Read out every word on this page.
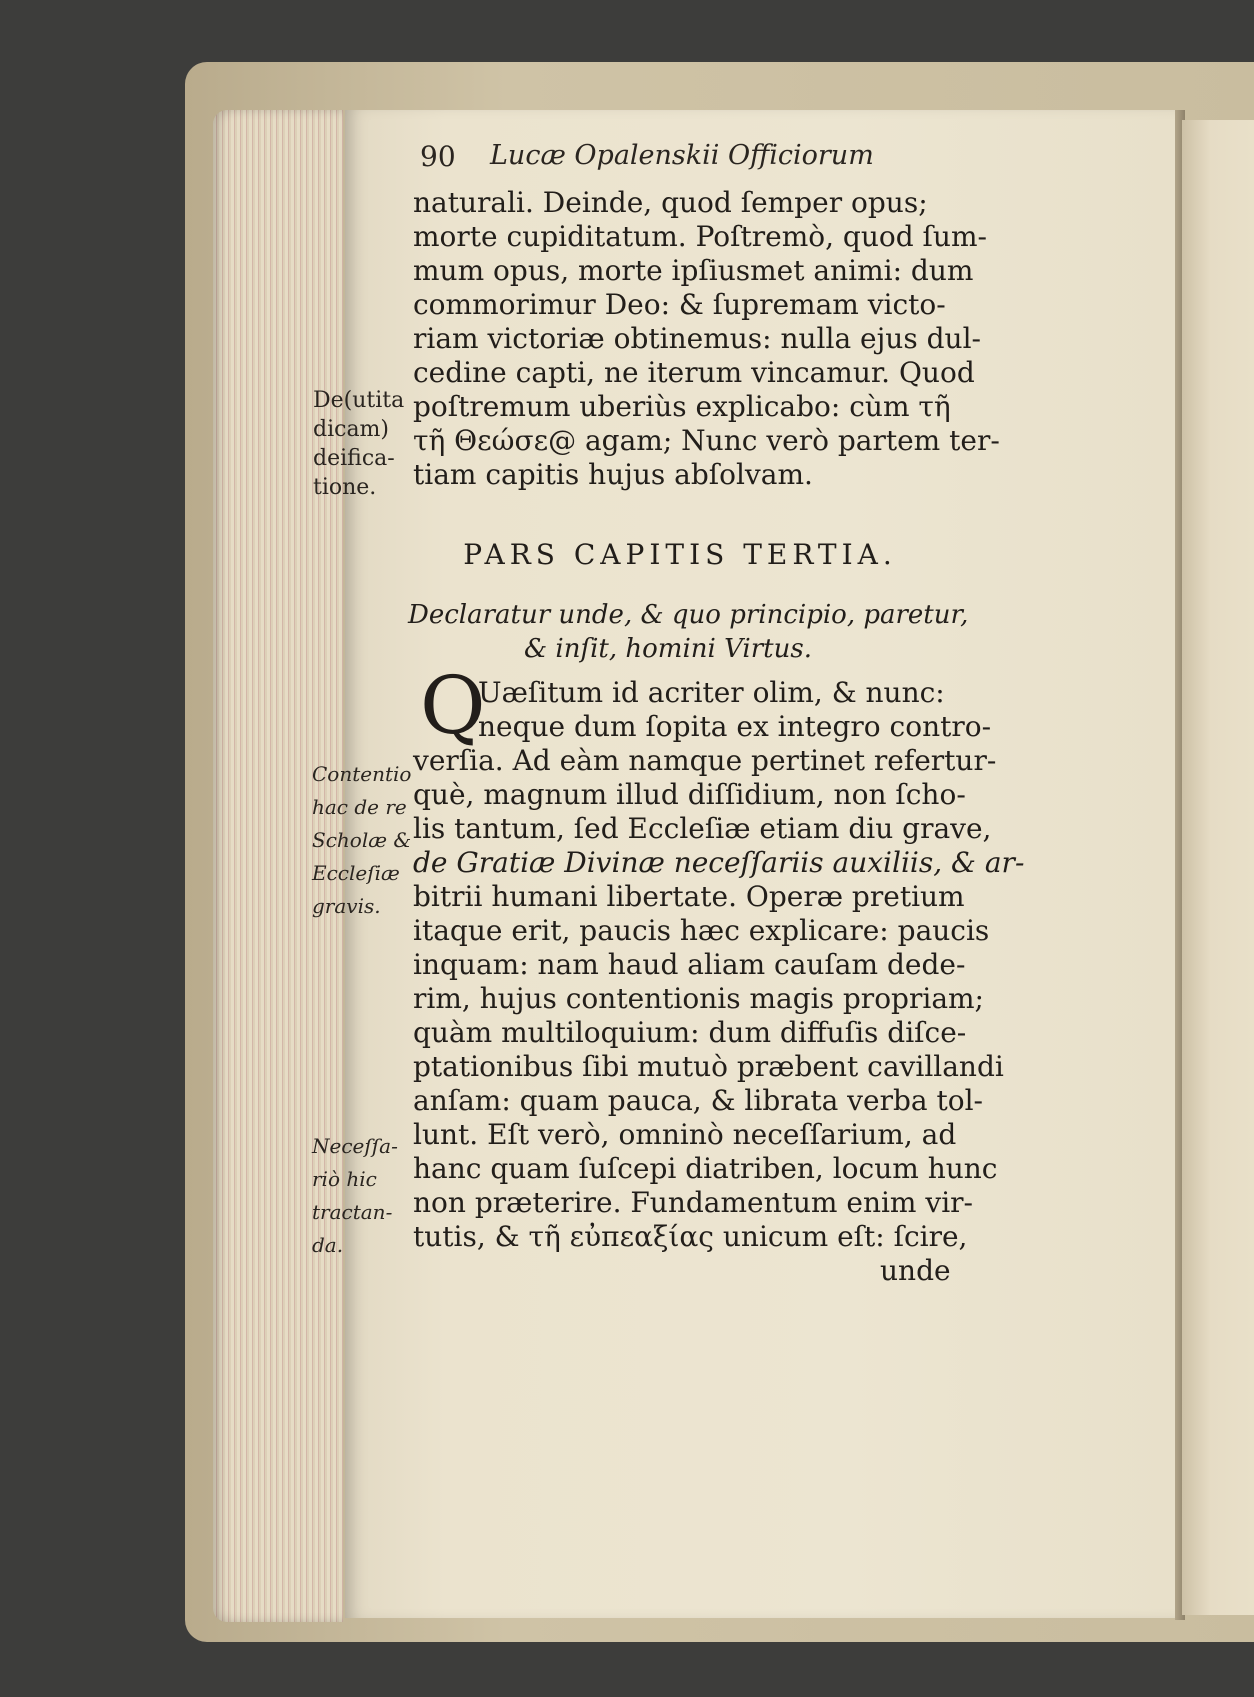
90 Lucæ Opalenskii Officiorum
naturali. Deinde, quod ſemper opus;
morte cupiditatum. Poſtremò, quod ſum-
mum opus, morte ipſiusmet animi: dum
commorimur Deo: & ſupremam victo-
riam victoriæ obtinemus: nulla ejus dul-
cedine capti, ne iterum vincamur. Quod
poſtremum uberiùs explicabo: cùm τῆ
τῆ Θεώσε@ agam; Nunc verò partem ter-
tiam capitis hujus abſolvam.
PARS CAPITIS TERTIA.
Declaratur unde, & quo principio, paretur,
& inſit, homini Virtus.
Q
Uæſitum id acriter olim, & nunc:
neque dum ſopita ex integro contro-
verſia. Ad eàm namque pertinet refertur-
què, magnum illud diſſidium, non ſcho-
lis tantum, ſed Eccleſiæ etiam diu grave,
de Gratiæ Divinæ neceſſariis auxiliis, & ar-
bitrii humani libertate. Operæ pretium
itaque erit, paucis hæc explicare: paucis
inquam: nam haud aliam cauſam dede-
rim, hujus contentionis magis propriam;
quàm multiloquium: dum diffuſis diſce-
ptationibus ſibi mutuò præbent cavillandi
anſam: quam pauca, & librata verba tol-
lunt. Eſt verò, omninò neceſſarium, ad
hanc quam ſuſcepi diatriben, locum hunc
non præterire. Fundamentum enim vir-
tutis, & τῆ εὐπεαξίας unicum eſt: ſcire,
unde
De(utita
dicam)
deifica-
tione.
Contentio
hac de re
Scholæ &
Eccleſiæ
gravis.
Neceſſa-
riò hic
tractan-
da.
